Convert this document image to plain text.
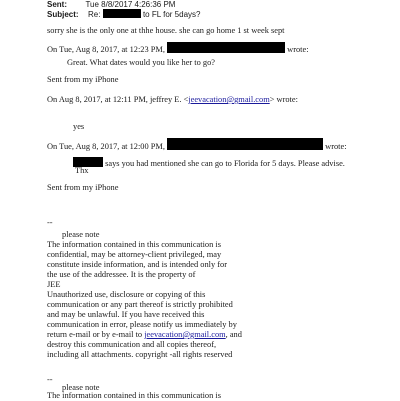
Sent: Tue 8/8/2017 4:26:36 PM
Subject: Re:	to FL for 5days?
sorry she is the only one at thhe house. she can go home 1 st week sept
On Tue, Aug 8, 2017, at 12:23 PM,	wrote:
Great. What dates would you like her to go?
Sent from my iPhone
On Aug 8, 2017, at 12:11 PM, jeffrey E. <jeevacation@gmail.com> wrote:
yes
On Tue, Aug 8, 2017, at 12:00 PM,	wrote:
says you had mentioned she can go to Florida for 5 days. Please advise.
Thx
Sent from my iPhone
--
please note
The information contained in this communication is
confidential, may be attorney-client privileged, may
constitute inside information, and is intended only for
the use of the addressee. It is the property of
JEE
Unauthorized use, disclosure or copying of this
communication or any part thereof is strictly prohibited
and may be unlawful. If you have received this
communication in error, please notify us immediately by
return e-mail or by e-mail to jeevacation@gmail.com, and
destroy this communication and all copies thereof,
including all attachments. copyright -all rights reserved
--
please note
The information contained in this communication is
